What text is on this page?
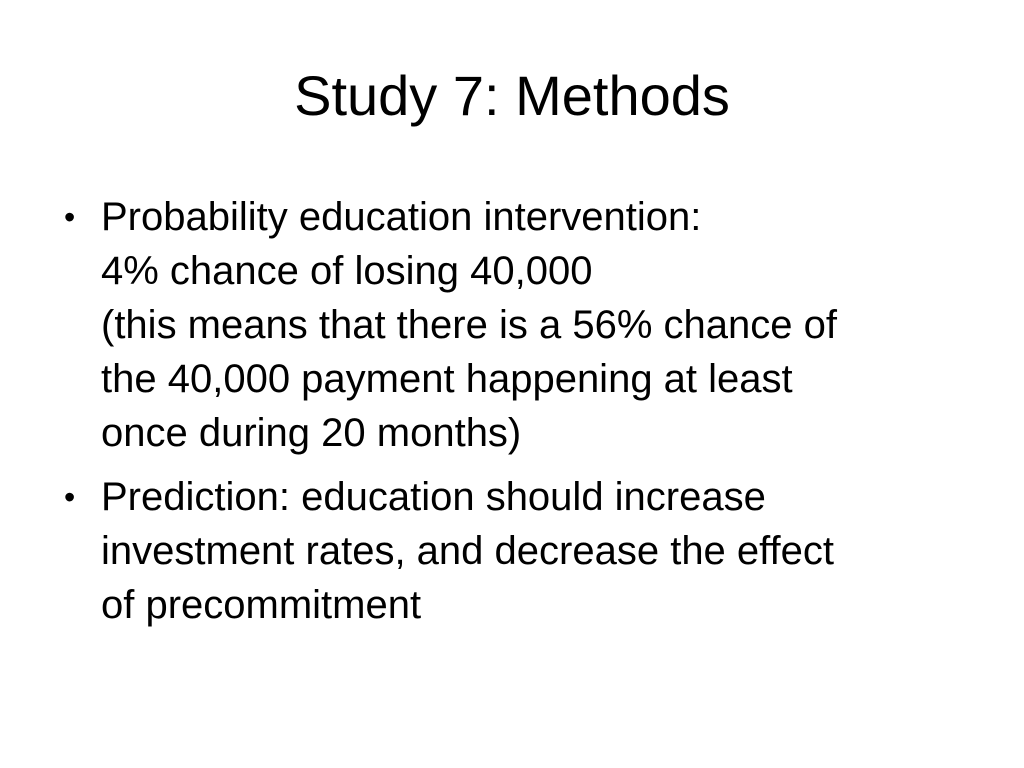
Study 7: Methods
• Probability education intervention:
4% chance of losing 40,000
(this means that there is a 56% chance of
the 40,000 payment happening at least
once during 20 months)
• Prediction: education should increase
investment rates, and decrease the effect
of precommitment
